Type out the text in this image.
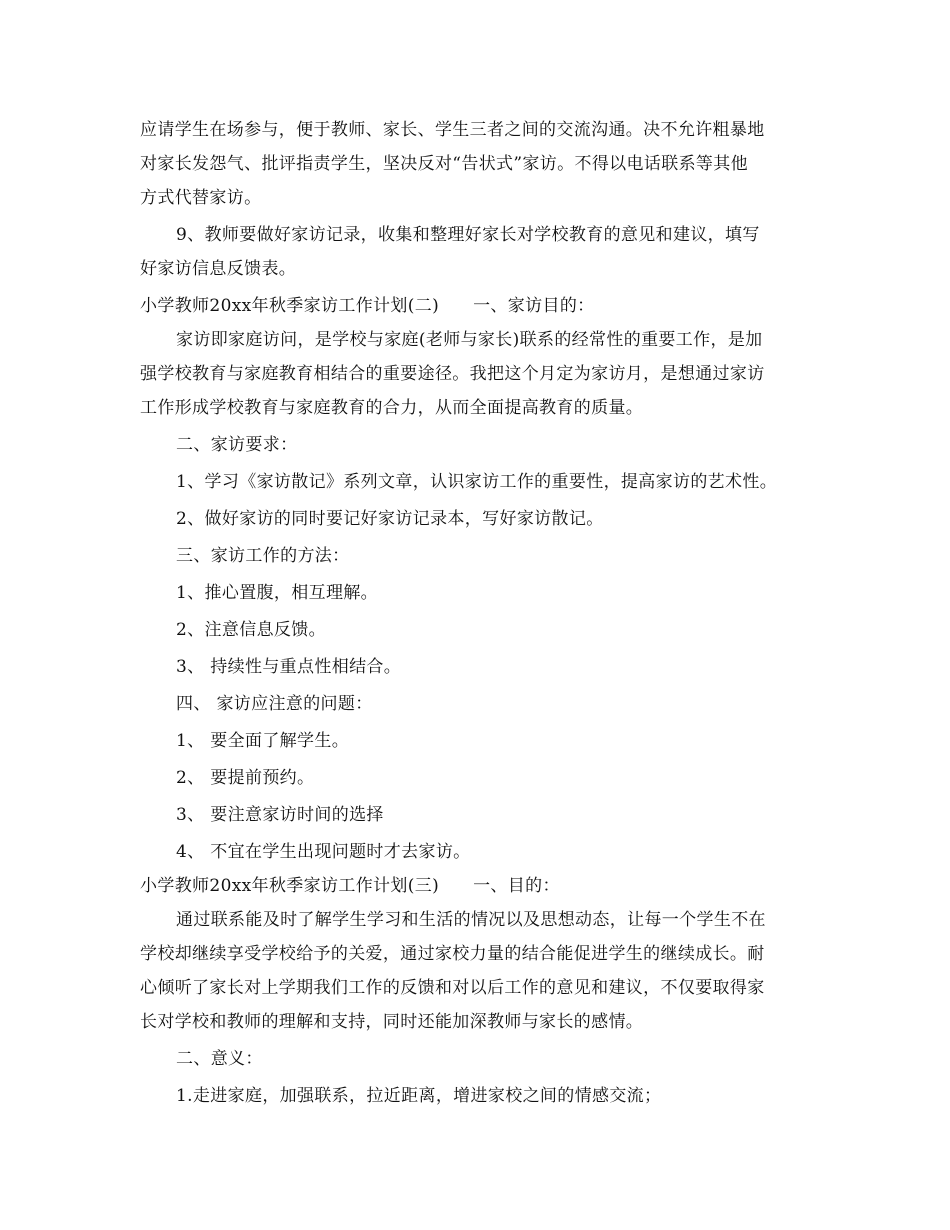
应请学生在场参与，便于教师、家长、学生三者之间的交流沟通。决不允许粗暴地

对家长发怨气、批评指责学生，坚决反对“告状式”家访。不得以电话联系等其他

方式代替家访。

9、教师要做好家访记录，收集和整理好家长对学校教育的意见和建议，填写

好家访信息反馈表。

小学教师20xx年秋季家访工作计划(二) 一、家访目的：

家访即家庭访问，是学校与家庭(老师与家长)联系的经常性的重要工作，是加

强学校教育与家庭教育相结合的重要途径。我把这个月定为家访月，是想通过家访

工作形成学校教育与家庭教育的合力，从而全面提高教育的质量。

二、家访要求：

1、学习《家访散记》系列文章，认识家访工作的重要性，提高家访的艺术性。

2、做好家访的同时要记好家访记录本，写好家访散记。

三、家访工作的方法：

1、推心置腹，相互理解。

2、注意信息反馈。

3、 持续性与重点性相结合。

四、 家访应注意的问题：

1、 要全面了解学生。

2、 要提前预约。

3、 要注意家访时间的选择

4、 不宜在学生出现问题时才去家访。

小学教师20xx年秋季家访工作计划(三) 一、目的：

通过联系能及时了解学生学习和生活的情况以及思想动态，让每一个学生不在

学校却继续享受学校给予的关爱，通过家校力量的结合能促进学生的继续成长。耐

心倾听了家长对上学期我们工作的反馈和对以后工作的意见和建议，不仅要取得家

长对学校和教师的理解和支持，同时还能加深教师与家长的感情。

二、意义：

1.走进家庭，加强联系，拉近距离，增进家校之间的情感交流；
